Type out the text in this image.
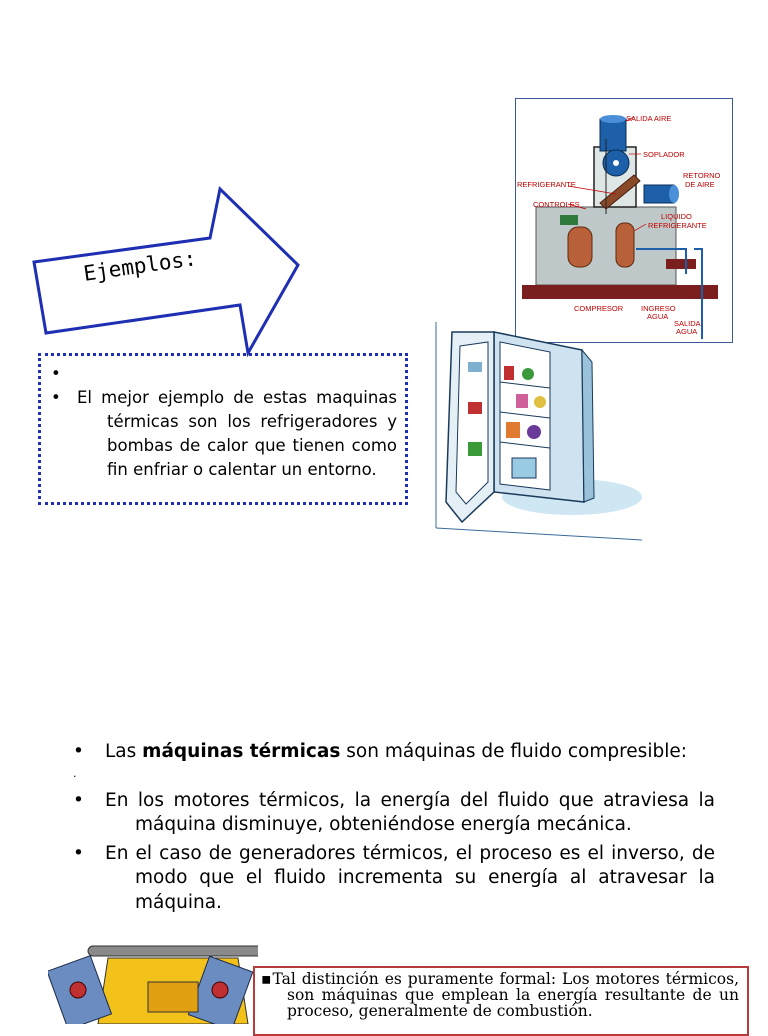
Ejemplos:
•
• El mejor ejemplo de estas maquinas térmicas son los refrigeradores y bombas de calor que tienen como fin enfriar o calentar un entorno.
SALIDA AIRE
SOPLADOR
RETORNO
DE AIRE
REFRIGERANTE
CONTROLES
LIQUIDO
REFRIGERANTE
COMPRESOR INGRESO
AGUA
SALIDA
AGUA
•	Las máquinas térmicas son máquinas de fluido compresible:
·
•	En los motores térmicos, la energía del fluido que atraviesa la máquina disminuye, obteniéndose energía mecánica.
•	En el caso de generadores térmicos, el proceso es el inverso, de modo que el fluido incrementa su energía al atravesar la máquina.
▪Tal distinción es puramente formal: Los motores térmicos, son máquinas que emplean la energía resultante de un proceso, generalmente de combustión.
